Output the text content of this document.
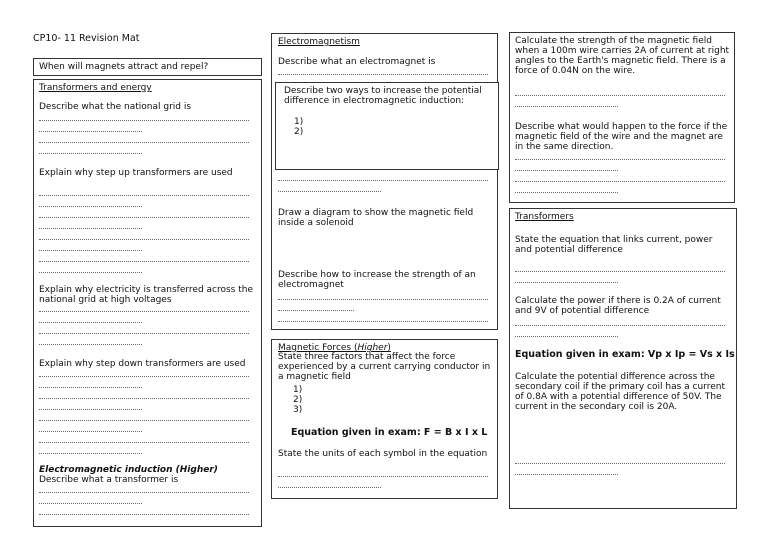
CP10- 11 Revision Mat
When will magnets attract and repel?
Transformers and energy
Describe what the national grid is
Explain why step up transformers are used
Explain why electricity is transferred across the national grid at high voltages
Explain why step down transformers are used
Electromagnetic induction (Higher)
Describe what a transformer is
Electromagnetism
Describe what an electromagnet is
Draw a diagram to show the magnetic field inside a solenoid
Describe how to increase the strength of an electromagnet
Describe two ways to increase the potential difference in electromagnetic induction:
1)
2)
Magnetic Forces (Higher)
State three factors that affect the force experienced by a current carrying conductor in a magnetic field
1)
2)
3)
Equation given in exam: F = B x I x L
State the units of each symbol in the equation
Calculate the strength of the magnetic field when a 100m wire carries 2A of current at right angles to the Earth's magnetic field. There is a force of 0.04N on the wire.
Describe what would happen to the force if the magnetic field of the wire and the magnet are in the same direction.
Transformers
State the equation that links current, power and potential difference
Calculate the power if there is 0.2A of current and 9V of potential difference
Equation given in exam: Vp x Ip = Vs x Is
Calculate the potential difference across the secondary coil if the primary coil has a current of 0.8A with a potential difference of 50V. The current in the secondary coil is 20A.
